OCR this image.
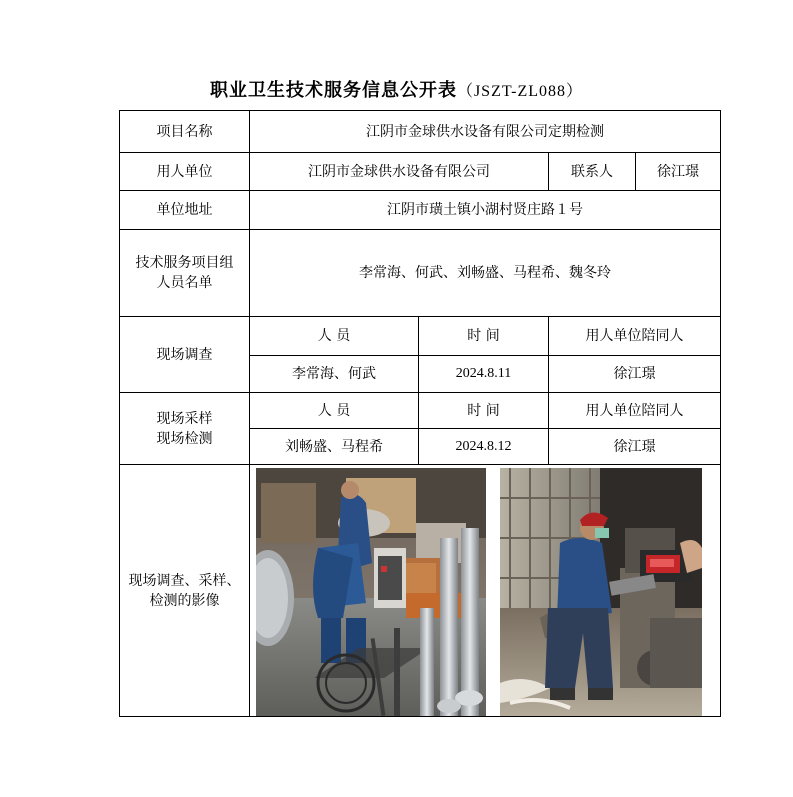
职业卫生技术服务信息公开表（JSZT-ZL088）
项目名称	江阴市金球供水设备有限公司定期检测			
用人单位	江阴市金球供水设备有限公司		联系人	徐江璟
单位地址	江阴市璜土镇小湖村贤庄路１号			
技术服务项目组
人员名单	李常海、何武、刘畅盛、马程希、魏冬玲			
现场调查	人 员	时 间	用人单位陪同人	
	李常海、何武	2024.8.11	徐江璟	
现场采样
现场检测	人 员	时 间	用人单位陪同人	
	刘畅盛、马程希	2024.8.12	徐江璟	
现场调查、采样、
检测的影像				
